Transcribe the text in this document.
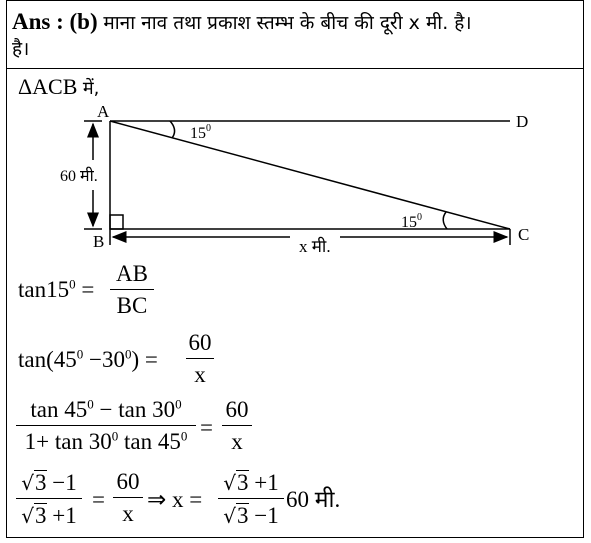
Ans : (b) माना नाव तथा प्रकाश स्तम्भ के बीच की दूरी x मी. है।
है।
ΔACB में,
A
B	C
D
60 मी.
x मी.
$15^0$
$15^0$
$\tan 15^0$ =
AB
BC
$\tan(45^0 -30^0)$ =
60
x
$\tan 45^0 - \tan 30^0$
$1+ \tan 30^0$ $\tan 45^0$ =
60
x
√3 −1
√3 +1
=
60
x
⇒ x =
√3 +1
√3 −1
60 मी.
